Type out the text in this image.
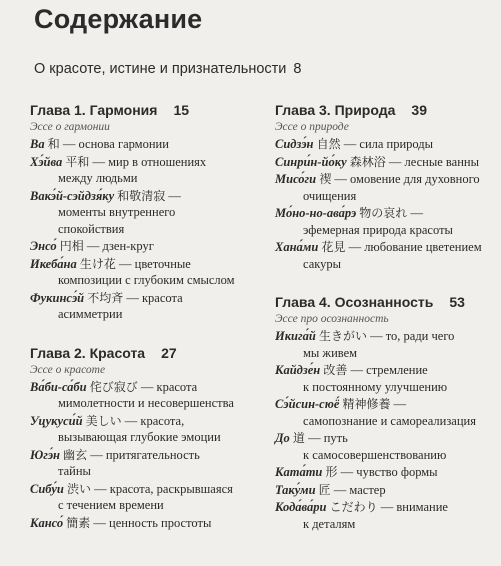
Содержание
О красоте, истине и признательности 8
Глава 1. Гармония 15
Эссе о гармонии
Ва 和 — основа гармонии
Хэ́йва 平和 — мир в отношениях
между людьми
Вакэ́й-сэйдзя́ку 和敬清寂 —
моменты внутреннего
спокойствия
Энсо́ 円相 — дзен-круг
Икеба́на 生け花 — цветочные
композиции с глубоким смыслом
Фукинсэ́й 不均斉 — красота
асимметрии
Глава 2. Красота 27
Эссе о красоте
Ва́би-са́би 侘び寂び — красота
мимолетности и несовершенства
Уцукуси́й 美しい — красота,
вызывающая глубокие эмоции
Югэ́н 幽玄 — притягательность
тайны
Сибу́и 渋い — красота, раскрывшаяся
с течением времени
Кансо́ 簡素 — ценность простоты
Глава 3. Природа 39
Эссе о природе
Сидзэ́н 自然 — сила природы
Синри́н-йо́ку 森林浴 — лесные ванны
Мисо́ги 禊 — омовение для духовного
очищения
Мо́но-но-ава́рэ 物の哀れ —
эфемерная природа красоты
Хана́ми 花見 — любование цветением
сакуры
Глава 4. Осознанность 53
Эссе про осознанность
Икига́й 生きがい — то, ради чего
мы живем
Кайдзе́н 改善 — стремление
к постоянному улучшению
Сэ́йсин-сюё́ 精神修養 —
самопознание и самореализация
До 道 — путь
к самосовершенствованию
Ката́ти 形 — чувство формы
Таку́ми 匠 — мастер
Кода́ва́ри こだわり — внимание
к деталям
